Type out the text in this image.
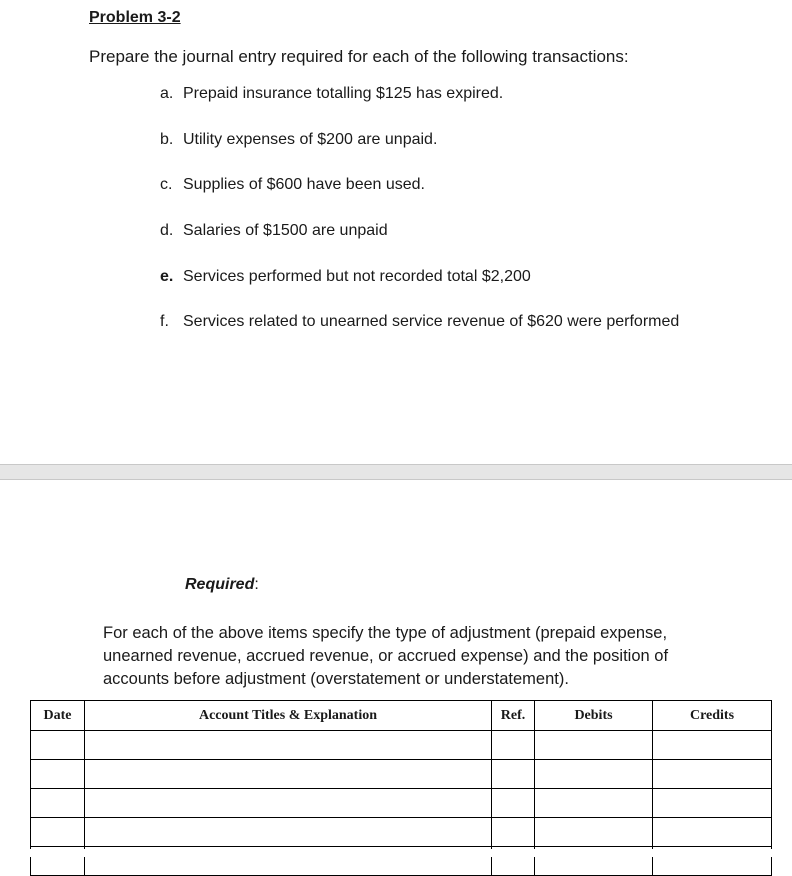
Problem 3-2
Prepare the journal entry required for each of the following transactions:
a. Prepaid insurance totalling $125 has expired.
b. Utility expenses of $200 are unpaid.
c. Supplies of $600 have been used.
d. Salaries of $1500 are unpaid
e. Services performed but not recorded total $2,200
f. Services related to unearned service revenue of $620 were performed
Required:
For each of the above items specify the type of adjustment (prepaid expense, unearned revenue, accrued revenue, or accrued expense) and the position of accounts before adjustment (overstatement or understatement).
Date	Account Titles & Explanation	Ref.	Debits	Credits
